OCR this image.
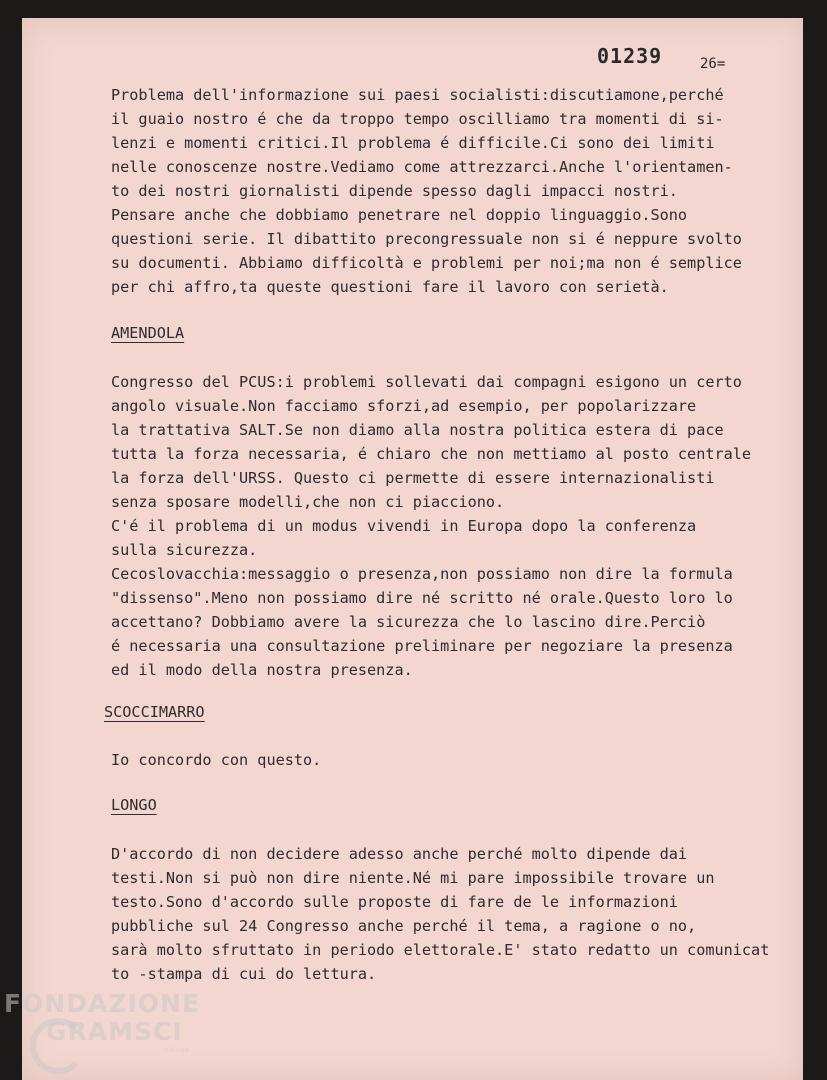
01239	26=
Problema dell'informazione sui paesi socialisti:discutiamone,perché
il guaio nostro é che da troppo tempo oscilliamo tra momenti di si-
lenzi e momenti critici.Il problema é difficile.Ci sono dei limiti
nelle conoscenze nostre.Vediamo come attrezzarci.Anche l'orientamen-
to dei nostri giornalisti dipende spesso dagli impacci nostri.
Pensare anche che dobbiamo penetrare nel doppio linguaggio.Sono
questioni serie. Il dibattito precongressuale non si é neppure svolto
su documenti. Abbiamo difficoltà e problemi per noi;ma non é semplice
per chi affro,ta queste questioni fare il lavoro con serietà.
AMENDOLA
Congresso del PCUS:i problemi sollevati dai compagni esigono un certo
angolo visuale.Non facciamo sforzi,ad esempio, per popolarizzare
la trattativa SALT.Se non diamo alla nostra politica estera di pace
tutta la forza necessaria, é chiaro che non mettiamo al posto centrale
la forza dell'URSS. Questo ci permette di essere internazionalisti
senza sposare modelli,che non ci piacciono.
C'é il problema di un modus vivendi in Europa dopo la conferenza
sulla sicurezza.
Cecoslovacchia:messaggio o presenza,non possiamo non dire la formula
"dissenso".Meno non possiamo dire né scritto né orale.Questo loro lo
accettano? Dobbiamo avere la sicurezza che lo lascino dire.Perciò
é necessaria una consultazione preliminare per negoziare la presenza
ed il modo della nostra presenza.
SCOCCIMARRO
Io concordo con questo.
LONGO
D'accordo di non decidere adesso anche perché molto dipende dai
testi.Non si può non dire niente.Né mi pare impossibile trovare un
testo.Sono d'accordo sulle proposte di fare de le informazioni
pubbliche sul 24 Congresso anche perché il tema, a ragione o no,
sarà molto sfruttato in periodo elettorale.E' stato redatto un comunicat
to -stampa di cui do lettura.
FONDAZIONE
GRAMSCI
onlus
